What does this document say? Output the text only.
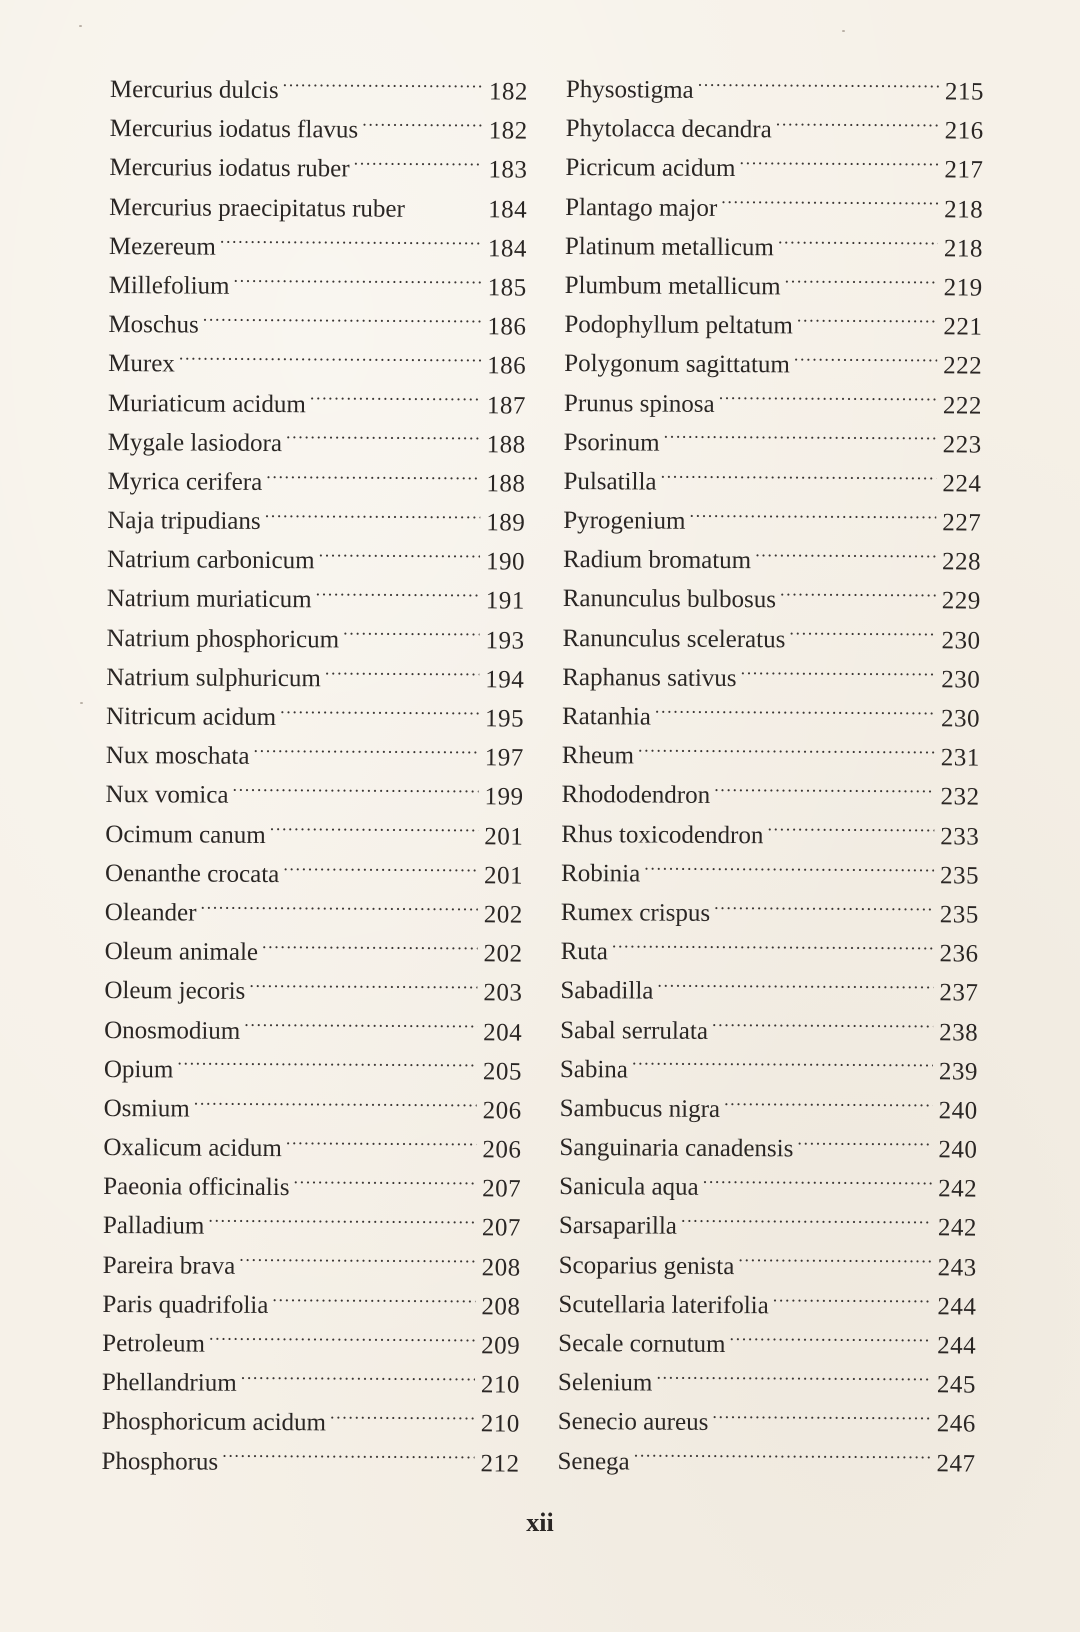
Mercurius dulcis .....	182
Mercurius iodatus flavus .....	182
Mercurius iodatus ruber .....	183
Mercurius praecipitatus ruber	184
Mezereum .....	184
Millefolium .....	185
Moschus .....	186
Murex .....	186
Muriaticum acidum .....	187
Mygale lasiodora .....	188
Myrica cerifera .....	188
Naja tripudians .....	189
Natrium carbonicum .....	190
Natrium muriaticum .....	191
Natrium phosphoricum .....	193
Natrium sulphuricum .....	194
Nitricum acidum .....	195
Nux moschata .....	197
Nux vomica .....	199
Ocimum canum .....	201
Oenanthe crocata .....	201
Oleander .....	202
Oleum animale .....	202
Oleum jecoris .....	203
Onosmodium .....	204
Opium .....	205
Osmium .....	206
Oxalicum acidum .....	206
Paeonia officinalis .....	207
Palladium .....	207
Pareira brava .....	208
Paris quadrifolia .....	208
Petroleum .....	209
Phellandrium .....	210
Phosphoricum acidum .....	210
Phosphorus .....	212
Physostigma .....	215
Phytolacca decandra .....	216
Picricum acidum .....	217
Plantago major .....	218
Platinum metallicum .....	218
Plumbum metallicum .....	219
Podophyllum peltatum .....	221
Polygonum sagittatum .....	222
Prunus spinosa .....	222
Psorinum .....	223
Pulsatilla .....	224
Pyrogenium .....	227
Radium bromatum .....	228
Ranunculus bulbosus .....	229
Ranunculus sceleratus .....	230
Raphanus sativus .....	230
Ratanhia .....	230
Rheum .....	231
Rhododendron .....	232
Rhus toxicodendron .....	233
Robinia .....	235
Rumex crispus .....	235
Ruta .....	236
Sabadilla .....	237
Sabal serrulata .....	238
Sabina .....	239
Sambucus nigra .....	240
Sanguinaria canadensis .....	240
Sanicula aqua .....	242
Sarsaparilla .....	242
Scoparius genista .....	243
Scutellaria laterifolia .....	244
Secale cornutum .....	244
Selenium .....	245
Senecio aureus .....	246
Senega .....	247
xii
